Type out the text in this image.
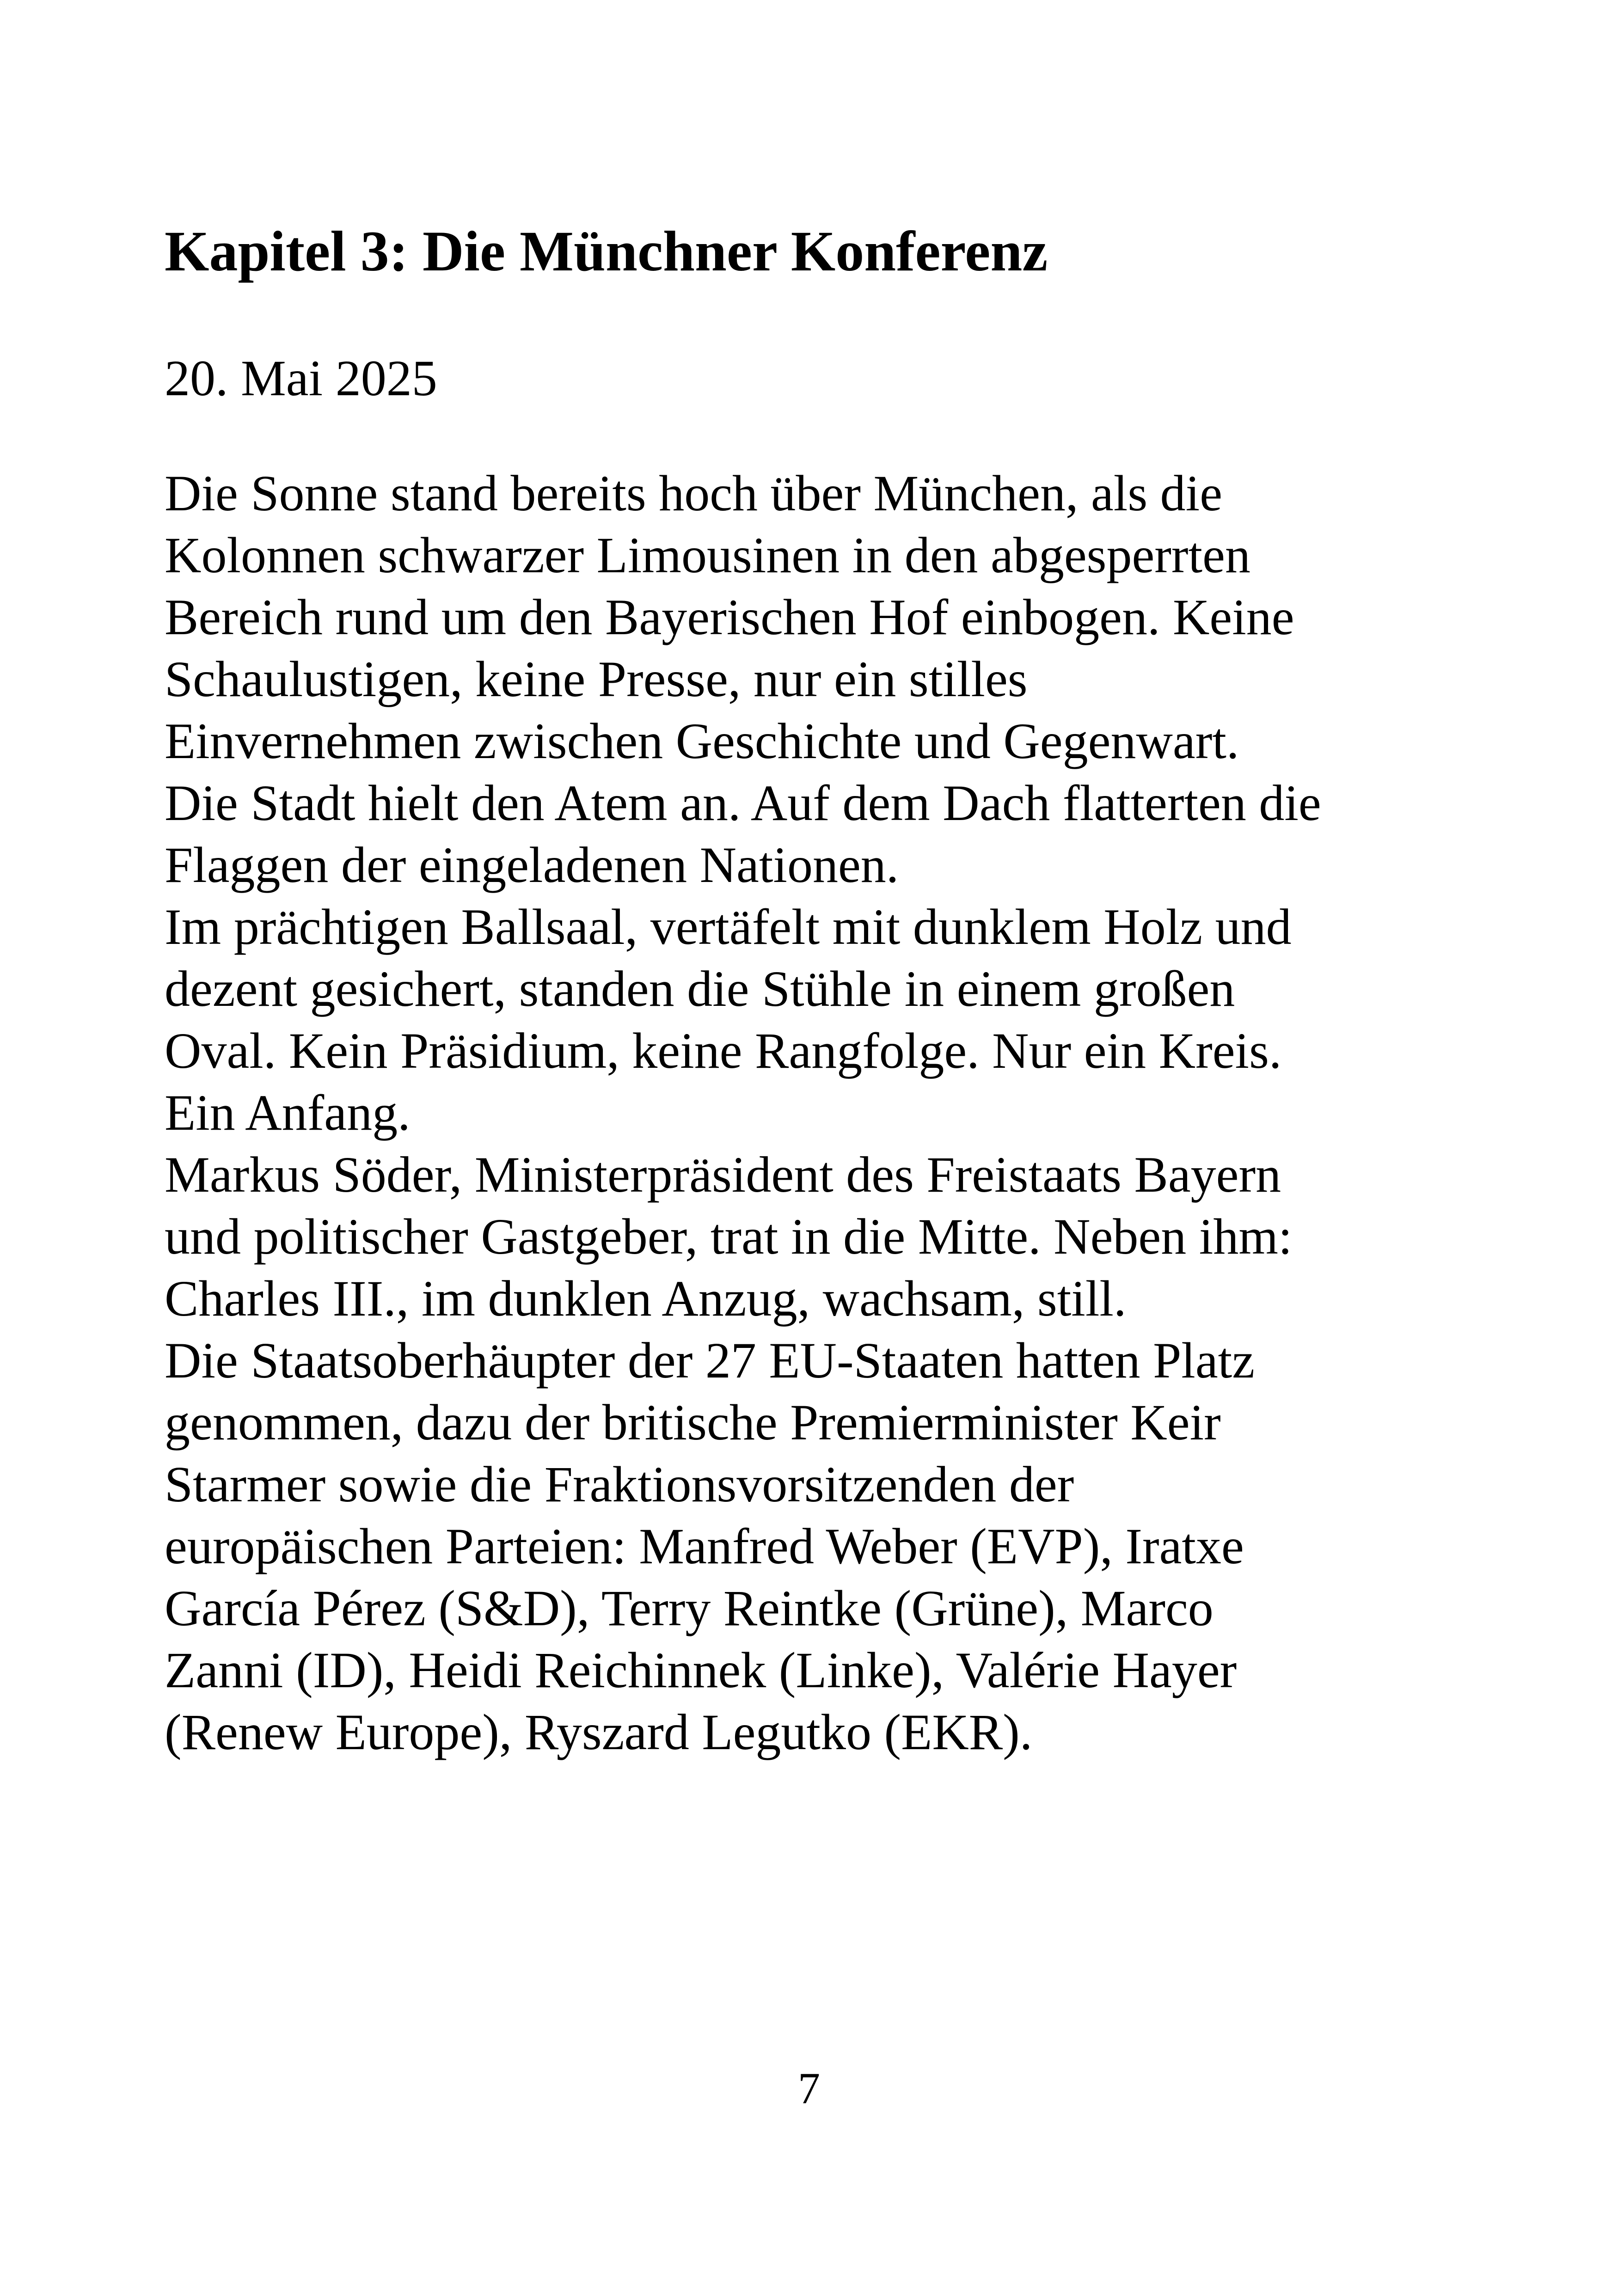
Kapitel 3: Die Münchner Konferenz

20. Mai 2025

Die Sonne stand bereits hoch über München, als die
Kolonnen schwarzer Limousinen in den abgesperrten
Bereich rund um den Bayerischen Hof einbogen. Keine
Schaulustigen, keine Presse, nur ein stilles
Einvernehmen zwischen Geschichte und Gegenwart.
Die Stadt hielt den Atem an. Auf dem Dach flatterten die
Flaggen der eingeladenen Nationen.
Im prächtigen Ballsaal, vertäfelt mit dunklem Holz und
dezent gesichert, standen die Stühle in einem großen
Oval. Kein Präsidium, keine Rangfolge. Nur ein Kreis.
Ein Anfang.
Markus Söder, Ministerpräsident des Freistaats Bayern
und politischer Gastgeber, trat in die Mitte. Neben ihm:
Charles III., im dunklen Anzug, wachsam, still.
Die Staatsoberhäupter der 27 EU-Staaten hatten Platz
genommen, dazu der britische Premierminister Keir
Starmer sowie die Fraktionsvorsitzenden der
europäischen Parteien: Manfred Weber (EVP), Iratxe
García Pérez (S&D), Terry Reintke (Grüne), Marco
Zanni (ID), Heidi Reichinnek (Linke), Valérie Hayer
(Renew Europe), Ryszard Legutko (EKR).
7
